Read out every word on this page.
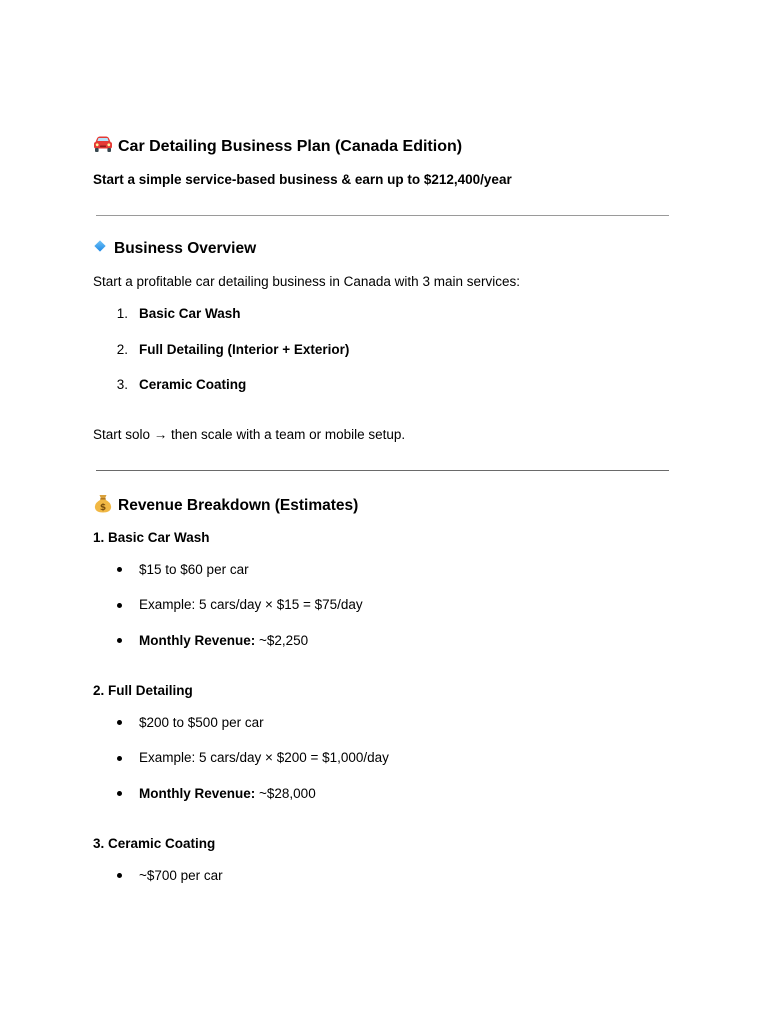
Car Detailing Business Plan (Canada Edition)
Start a simple service-based business & earn up to $212,400/year
Business Overview
Start a profitable car detailing business in Canada with 3 main services:
1. Basic Car Wash
2. Full Detailing (Interior + Exterior)
3. Ceramic Coating
Start solo → then scale with a team or mobile setup.
$ Revenue Breakdown (Estimates)
1. Basic Car Wash
$15 to $60 per car
Example: 5 cars/day × $15 = $75/day
Monthly Revenue: ~$2,250
2. Full Detailing
$200 to $500 per car
Example: 5 cars/day × $200 = $1,000/day
Monthly Revenue: ~$28,000
3. Ceramic Coating
~$700 per car
